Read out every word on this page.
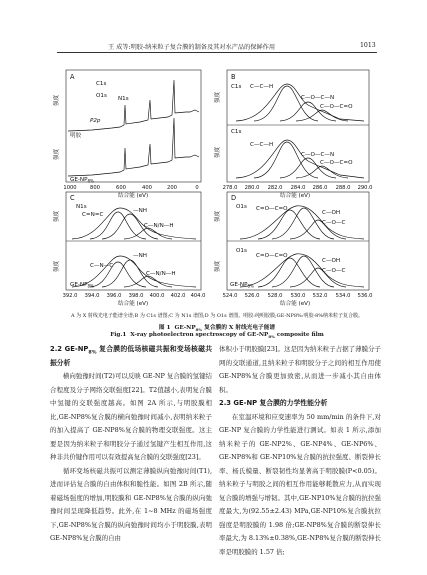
王 成等:明胶-纳米粒子复合膜的制备及其对水产品的保鲜作用	1013
A
强度
强度
C1s
N1s
O1s
P2p
明胶
$GE-NP_{8\%}$
1000	800	600	400	200	0
结合能 (eV)
B
强度
强度
C1s
C1s
C—C—H
C—O—C—N
C—O—C=O
C—C—H
C—O—C—N
C—O—C=O
278.0 280.0 282.0 284.0 286.0 288.0 290.0
结合能 (eV)
C
强度
强度
N1s
C=N=C
—NH
C—N/N—H
C—N—C
—NH
C—N/N—H
$GE-NP_{8\%}$
392.0 394.0 396.0 398.0 400.0 402.0 404.0
结合能 (eV)
D
强度
强度
O1s
O1s
C=O—C=O
C—OH
C—O—C
C=O—C=O
C—OH
C—O—C
$GE-NP_{8\%}$
524.0 526.0 528.0 530.0 532.0 534.0 536.0
结合能 (eV)
A 为 X 射线光电子能谱全谱;B 为 C1s 谱图;C 为 N1s 谱图;D 为 O1s 谱图。明胶:纯明胶膜;GE-NP8%:明胶-8%纳米粒子复合膜。
图 1 $GE-NP_{8\%}$ 复合膜的 X 射线光电子能谱
Fig.1 X-ray photoelectron spectroscopy of $GE-NP_{8\%}$ composite film

2.2 $GE-NP_{8\%}$ 复合膜的低场核磁共振和变场核磁共振分析

横向弛豫时间(T2)可以反映 GE-NP 复合膜的氢键结合程度及分子网络交联强度[22]。T2值越小,表明复合膜中氢键的交联强度越高。如图 2A 所示,与明胶膜相比,GE-NP8%复合膜的横向弛豫时间减小,表明纳米粒子的加入提高了 GE-NP8%复合膜的物理交联强度。这主要是因为纳米粒子和明胶分子通过氢键产生相互作用,这种非共价键作用可以有效提高复合膜的交联强度[23]。

循环变场核磁共振可以测定薄膜纵向弛豫时间(T1),进而评估复合膜的自由体积和脆性能。如图 2B 所示,随着磁场强度的增加,明胶膜和 GE-NP8%复合膜的纵向弛豫时间呈现降低趋势。此外,在 1~8 MHz 的磁场强度下,GE-NP8%复合膜的纵向弛豫时间均小于明胶膜,表明 GE-NP8%复合膜的自由

体积小于明胶膜[23]。这是因为纳米粒子占据了薄膜分子网的交联通道,且纳米粒子和明胶分子之间的相互作用使 GE-NP8%复合膜更加致密,从而进一步减小其自由体积。

2.3 GE-NP 复合膜的力学性能分析

在室温环境和应变速率为 50 mm/min 的条件下,对 GE-NP 复合膜的力学性能进行测试。如表 1 所示,添加纳米粒子的 GE-NP2%、GE-NP4%、GE-NP6%、GE-NP8%和 GE-NP10%复合膜的抗拉强度、断裂伸长率、杨氏模量、断裂韧性均显著高于明胶膜(P<0.05)。纳米粒子与明胶之间的相互作用能够耗散应力,从而实现复合膜的增强与增韧。其中,GE-NP10%复合膜的抗拉强度最大,为(92.55±2.43) MPa,GE-NP10%复合膜抗拉强度是明胶膜的 1.98 倍;GE-NP8%复合膜的断裂伸长率最大,为 8.13%±0.38%,GE-NP8%复合膜的断裂伸长率是明胶膜的 1.57 倍;
